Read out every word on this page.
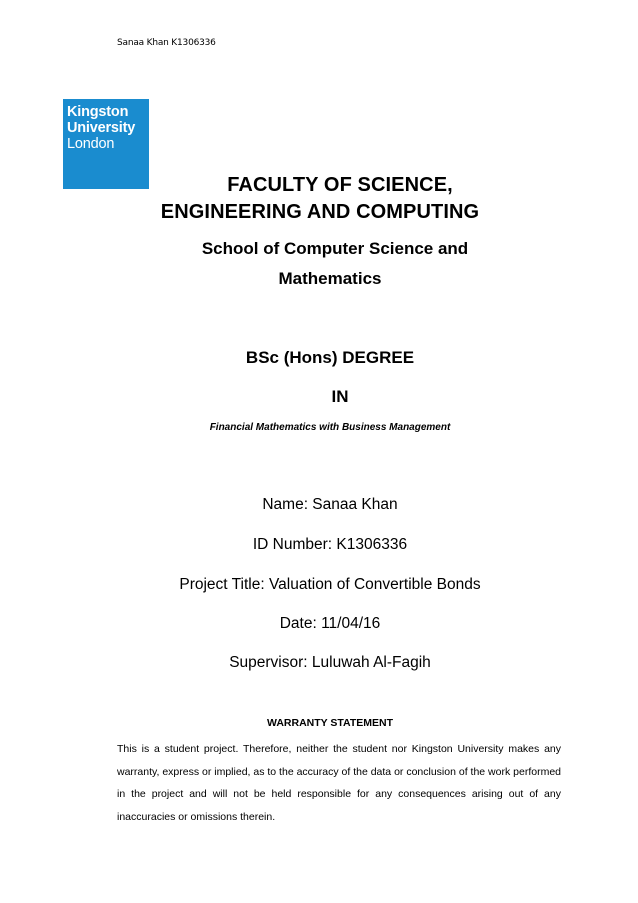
Sanaa Khan K1306336
Kingston
University
London
FACULTY OF SCIENCE,
ENGINEERING AND COMPUTING
School of Computer Science and
Mathematics
BSc (Hons) DEGREE
IN
Financial Mathematics with Business Management
Name: Sanaa Khan
ID Number: K1306336
Project Title: Valuation of Convertible Bonds
Date: 11/04/16
Supervisor: Luluwah Al-Fagih
WARRANTY STATEMENT
This is a student project. Therefore, neither the student nor Kingston University makes any warranty, express or implied, as to the accuracy of the data or conclusion of the work performed in the project and will not be held responsible for any consequences arising out of any inaccuracies or omissions therein.
